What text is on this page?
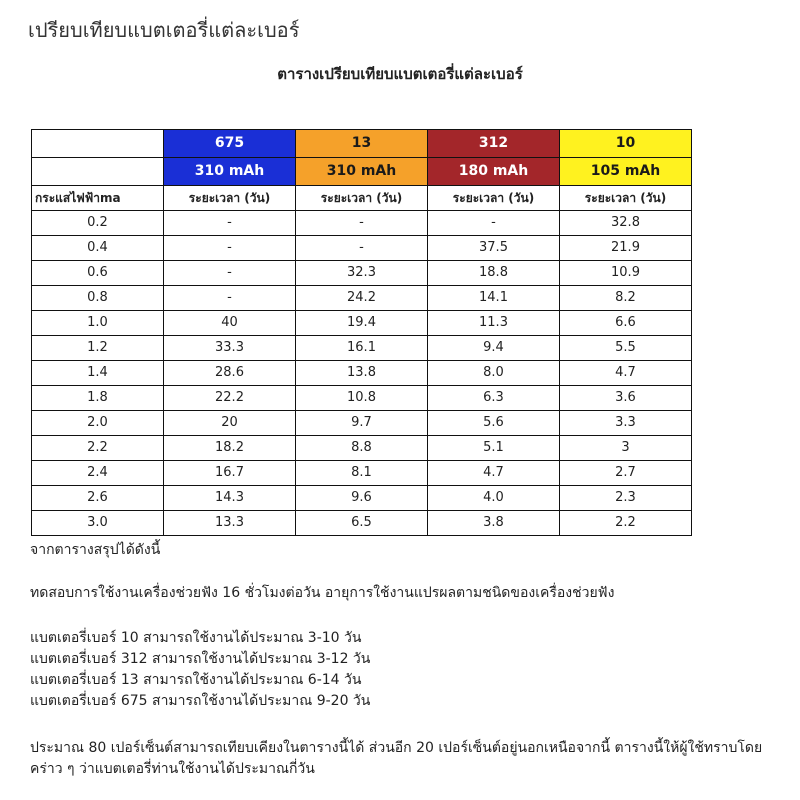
เปรียบเทียบแบตเตอรี่แต่ละเบอร์
ตารางเปรียบเทียบแบตเตอรี่แต่ละเบอร์
	675	13	312	10
	310 mAh	310 mAh	180 mAh	105 mAh
กระแสไฟฟ้าma	ระยะเวลา (วัน)	ระยะเวลา (วัน)	ระยะเวลา (วัน)	ระยะเวลา (วัน)
0.2	-	-	-	32.8
0.4	-	-	37.5	21.9
0.6	-	32.3	18.8	10.9
0.8	-	24.2	14.1	8.2
1.0	40	19.4	11.3	6.6
1.2	33.3	16.1	9.4	5.5
1.4	28.6	13.8	8.0	4.7
1.8	22.2	10.8	6.3	3.6
2.0	20	9.7	5.6	3.3
2.2	18.2	8.8	5.1	3
2.4	16.7	8.1	4.7	2.7
2.6	14.3	9.6	4.0	2.3
3.0	13.3	6.5	3.8	2.2
จากตารางสรุปได้ดังนี้
ทดสอบการใช้งานเครื่องช่วยฟัง 16 ชั่วโมงต่อวัน อายุการใช้งานแปรผลตามชนิดของเครื่องช่วยฟัง
แบตเตอรี่เบอร์ 10 สามารถใช้งานได้ประมาณ 3-10 วัน
แบตเตอรี่เบอร์ 312 สามารถใช้งานได้ประมาณ 3-12 วัน
แบตเตอรี่เบอร์ 13 สามารถใช้งานได้ประมาณ 6-14 วัน
แบตเตอรี่เบอร์ 675 สามารถใช้งานได้ประมาณ 9-20 วัน
ประมาณ 80 เปอร์เซ็นต์สามารถเทียบเคียงในตารางนี้ได้ ส่วนอีก 20 เปอร์เซ็นต์อยู่นอกเหนือจากนี้ ตารางนี้ให้ผู้ใช้ทราบโดยคร่าว ๆ ว่าแบตเตอรี่ท่านใช้งานได้ประมาณกี่วัน
